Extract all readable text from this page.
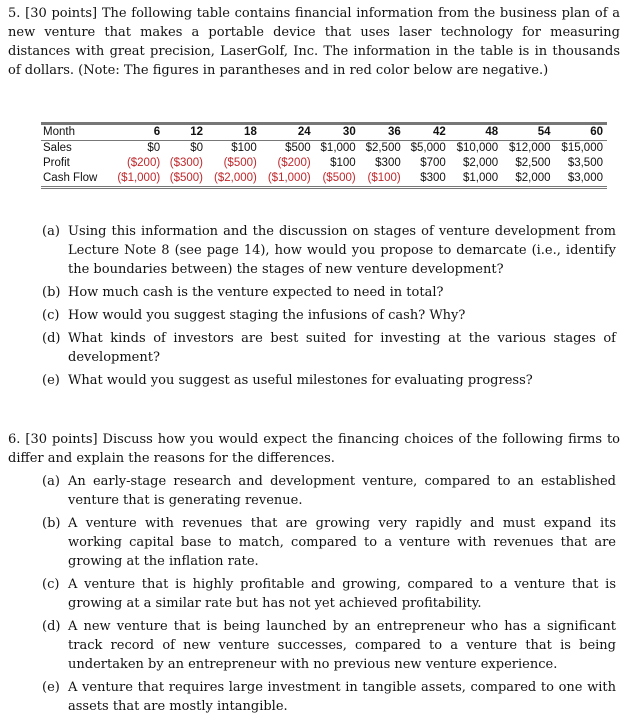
5. [30 points] The following table contains financial information from the business plan of a new venture that makes a portable device that uses laser technology for measuring distances with great precision, LaserGolf, Inc. The information in the table is in thousands of dollars. (Note: The figures in parantheses and in red color below are negative.)
Month	6	12	18	24	30	36	42	48	54	60
Sales	$0	$0	$100	$500	$1,000	$2,500	$5,000	$10,000	$12,000	$15,000
Profit	($200)	($300)	($500)	($200)	$100	$300	$700	$2,000	$2,500	$3,500
Cash Flow	($1,000)	($500)	($2,000)	($1,000)	($500)	($100)	$300	$1,000	$2,000	$3,000
(a) Using this information and the discussion on stages of venture development from Lecture Note 8 (see page 14), how would you propose to demarcate (i.e., identify the boundaries between) the stages of new venture development?
(b) How much cash is the venture expected to need in total?
(c) How would you suggest staging the infusions of cash? Why?
(d) What kinds of investors are best suited for investing at the various stages of development?
(e) What would you suggest as useful milestones for evaluating progress?
6. [30 points] Discuss how you would expect the financing choices of the following firms to differ and explain the reasons for the differences.
(a) An early-stage research and development venture, compared to an established venture that is generating revenue.
(b) A venture with revenues that are growing very rapidly and must expand its working capital base to match, compared to a venture with revenues that are growing at the inflation rate.
(c) A venture that is highly profitable and growing, compared to a venture that is growing at a similar rate but has not yet achieved profitability.
(d) A new venture that is being launched by an entrepreneur who has a significant track record of new venture successes, compared to a venture that is being undertaken by an entrepreneur with no previous new venture experience.
(e) A venture that requires large investment in tangible assets, compared to one with assets that are mostly intangible.
